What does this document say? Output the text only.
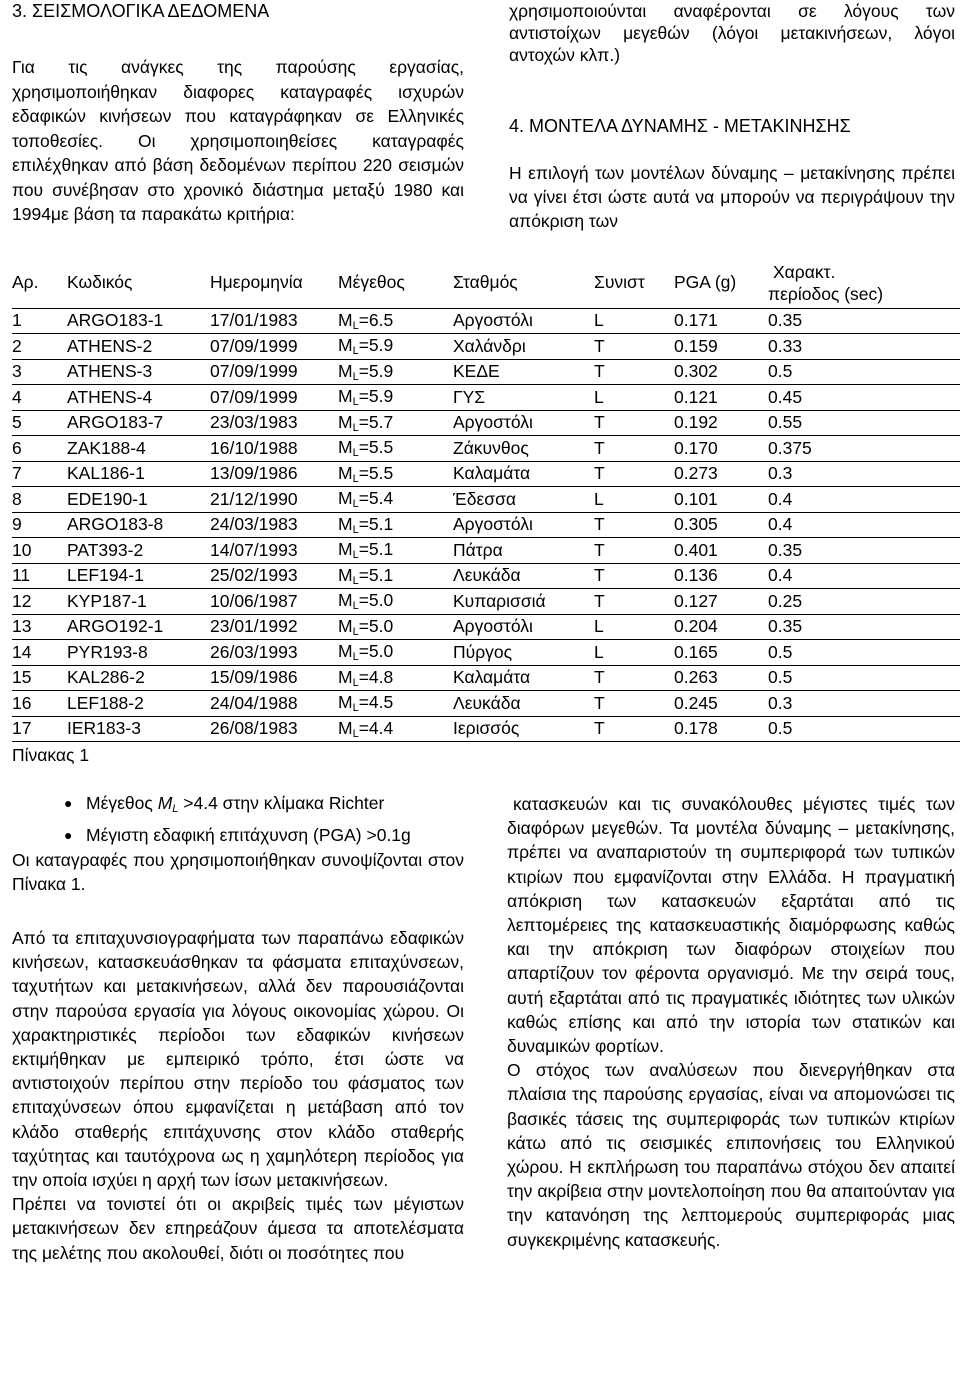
3. ΣΕΙΣΜΟΛΟΓΙΚΑ ΔΕΔΟΜΕΝΑ

Για τις ανάγκες της παρούσης εργασίας, χρησιμοποιήθηκαν διαφορες καταγραφές ισχυρών εδαφικών κινήσεων που καταγράφηκαν σε Ελληνικές τοποθεσίες. Οι χρησιμοποιηθείσες καταγραφές επιλέχθηκαν από βάση δεδομένων περίπου 220 σεισμών που συνέβησαν στο χρονικό διάστημα μεταξύ 1980 και 1994με βάση τα παρακάτω κριτήρια:

χρησιμοποιούνται αναφέρονται σε λόγους των αντιστοίχων μεγεθών (λόγοι μετακινήσεων, λόγοι αντοχών κλπ.)

4. ΜΟΝΤΕΛΑ ΔΥΝΑΜΗΣ - ΜΕΤΑΚΙΝΗΣΗΣ

Η επιλογή των μοντέλων δύναμης – μετακίνησης πρέπει να γίνει έτσι ώστε αυτά να μπορούν να περιγράψουν την απόκριση των

Αρ.	Κωδικός	Ημερομηνία	Μέγεθος	Σταθμός	Συνιστ	PGA (g)	Χαρακτ.
περίοδος (sec)

1	ARGO183-1	17/01/1983	$M_L=6.5$	Αργοστόλι	L	0.171	0.35
2	ATHENS-2	07/09/1999	$M_L=5.9$	Χαλάνδρι	T	0.159	0.33
3	ATHENS-3	07/09/1999	$M_L=5.9$	ΚΕΔΕ	T	0.302	0.5
4	ATHENS-4	07/09/1999	$M_L=5.9$	ΓΥΣ	L	0.121	0.45
5	ARGO183-7	23/03/1983	$M_L=5.7$	Αργοστόλι	T	0.192	0.55
6	ZAK188-4	16/10/1988	$M_L=5.5$	Ζάκυνθος	T	0.170	0.375
7	KAL186-1	13/09/1986	$M_L=5.5$	Καλαμάτα	T	0.273	0.3
8	EDE190-1	21/12/1990	$M_L=5.4$	Έδεσσα	L	0.101	0.4
9	ARGO183-8	24/03/1983	$M_L=5.1$	Αργοστόλι	T	0.305	0.4
10	PAT393-2	14/07/1993	$M_L=5.1$	Πάτρα	T	0.401	0.35
11	LEF194-1	25/02/1993	$M_L=5.1$	Λευκάδα	T	0.136	0.4
12	KYP187-1	10/06/1987	$M_L=5.0$	Κυπαρισσιά	T	0.127	0.25
13	ARGO192-1	23/01/1992	$M_L=5.0$	Αργοστόλι	L	0.204	0.35
14	PYR193-8	26/03/1993	$M_L=5.0$	Πύργος	L	0.165	0.5
15	KAL286-2	15/09/1986	$M_L=4.8$	Καλαμάτα	T	0.263	0.5
16	LEF188-2	24/04/1988	$M_L=4.5$	Λευκάδα	T	0.245	0.3
17	IER183-3	26/08/1983	$M_L=4.4$	Ιερισσός	T	0.178	0.5
Πίνακας 1
● Μέγεθος $M_L >4.4$ στην κλίμακα Richter
● Μέγιστη εδαφική επιτάχυνση (PGA) >0.1g

Οι καταγραφές που χρησιμοποιήθηκαν συνοψίζονται στον Πίνακα 1.

Από τα επιταχυνσιογραφήματα των παραπάνω εδαφικών κινήσεων, κατασκευάσθηκαν τα φάσματα επιταχύνσεων, ταχυτήτων και μετακινήσεων, αλλά δεν παρουσιάζονται στην παρούσα εργασία για λόγους οικονομίας χώρου. Οι χαρακτηριστικές περίοδοι των εδαφικών κινήσεων εκτιμήθηκαν με εμπειρικό τρόπο, έτσι ώστε να αντιστοιχούν περίπου στην περίοδο του φάσματος των επιταχύνσεων όπου εμφανίζεται η μετάβαση από τον κλάδο σταθερής επιτάχυνσης στον κλάδο σταθερής ταχύτητας και ταυτόχρονα ως η χαμηλότερη περίοδος για την οποία ισχύει η αρχή των ίσων μετακινήσεων.

Πρέπει να τονιστεί ότι οι ακριβείς τιμές των μέγιστων μετακινήσεων δεν επηρεάζουν άμεσα τα αποτελέσματα της μελέτης που ακολουθεί, διότι οι ποσότητες που

κατασκευών και τις συνακόλουθες μέγιστες τιμές των διαφόρων μεγεθών. Τα μοντέλα δύναμης – μετακίνησης, πρέπει να αναπαριστούν τη συμπεριφορά των τυπικών κτιρίων που εμφανίζονται στην Ελλάδα. Η πραγματική απόκριση των κατασκευών εξαρτάται από τις λεπτομέρειες της κατασκευαστικής διαμόρφωσης καθώς και την απόκριση των διαφόρων στοιχείων που απαρτίζουν τον φέροντα οργανισμό. Με την σειρά τους, αυτή εξαρτάται από τις πραγματικές ιδιότητες των υλικών καθώς επίσης και από την ιστορία των στατικών και δυναμικών φορτίων.

Ο στόχος των αναλύσεων που διενεργήθηκαν στα πλαίσια της παρούσης εργασίας, είναι να απομονώσει τις βασικές τάσεις της συμπεριφοράς των τυπικών κτιρίων κάτω από τις σεισμικές επιπονήσεις του Ελληνικού χώρου. Η εκπλήρωση του παραπάνω στόχου δεν απαιτεί την ακρίβεια στην μοντελοποίηση που θα απαιτούνταν για την κατανόηση της λεπτομερούς συμπεριφοράς μιας συγκεκριμένης κατασκευής.
